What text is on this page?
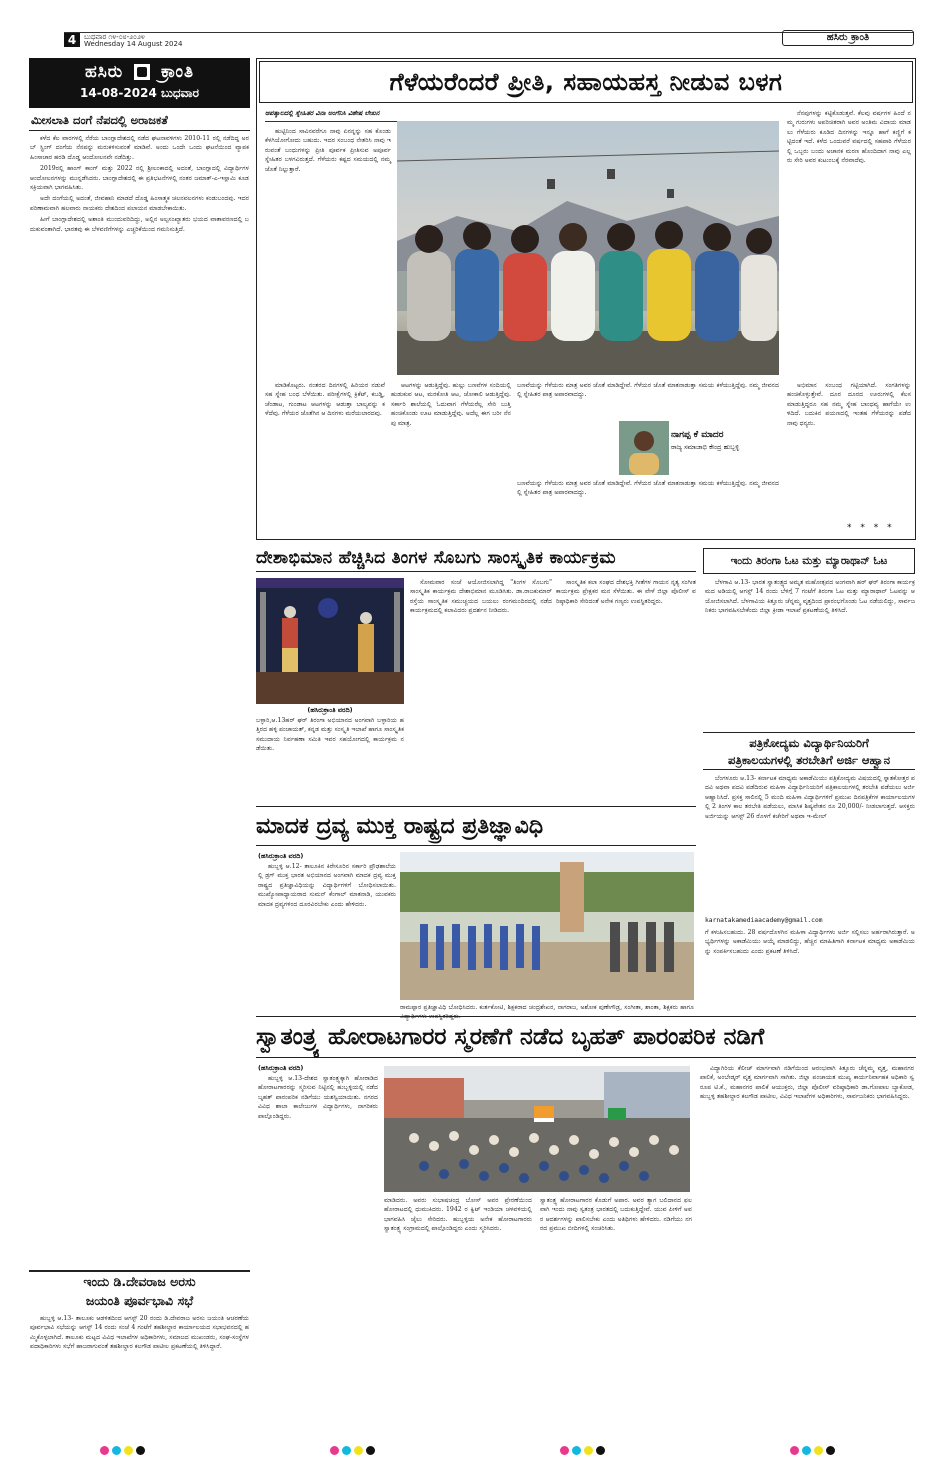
4	ಬುಧವಾರ ೧೪-೦೮-೨೦೨೪
Wednesday 14 August 2024
ಹಸಿರು ಕ್ರಾಂತಿ
ಹಸಿರು ಕ್ರಾಂತಿ
14-08-2024 ಬುಧವಾರ
ಮೀಸಲಾತಿ ದಂಗೆ ನೆಪದಲ್ಲಿ ಅರಾಜಕತೆ

ಕಳೆದ ಕೆಲ ವಾರಗಳಲ್ಲಿ ನೆರೆಯ ಬಾಂಗ್ಲಾದೇಶದಲ್ಲಿ ನಡೆದ ಘಟನಾವಳಿಗಳು 2010-11 ರಲ್ಲಿ ನಡೆದಿದ್ದ ಅರಬ್ ಸ್ಪ್ರಿಂಗ್ ದಂಗೆಯ ನೆನಪನ್ನು ಮರುಕಳಿಸುವಂತೆ ಮಾಡಿವೆ. ಅಂದು ಒಂದೇ ಒಂದು ಘಟನೆಯಿಂದ ವ್ಯಾಪಕ ಹಿಂಸಾಚಾರ ಹರಡಿ ದೊಡ್ಡ ಆಂದೋಲನವೇ ನಡೆದಿತ್ತು.

2019ರಲ್ಲಿ ಹಾಂಗ್ ಕಾಂಗ್ ಮತ್ತು 2022 ರಲ್ಲಿ ಶ್ರೀಲಂಕಾದಲ್ಲಿ ಅದಂತೆ, ಬಾಂಗ್ಲಾದಲ್ಲಿ ವಿದ್ಯಾರ್ಥಿಗಳ ಆಂದೋಲನಗಳನ್ನು ಮುನ್ನಡೆಸಿದರು. ಬಾಂಗ್ಲಾದೇಶದಲ್ಲಿ ಈ ಪ್ರತಿಭಟನೆಗಳಲ್ಲಿ ನಂತರ ಜಮಾತ್-ಎ-ಇಸ್ಲಾಮಿ ಕೂಡ ಸಕ್ರಿಯವಾಗಿ ಭಾಗವಹಿಸಿತು.

ಅದೇ ದಂಗೆಯಲ್ಲಿ ಅದಂತೆ, ಜೀವಹಾನಿ ಮಾಡದೆ ದೊಡ್ಡ ಹಿಂಸಾತ್ಮಕ ಚಲನವಲನಗಳು ಕಂಡುಬಂದವು. ಇದರ ಪರಿಣಾಮವಾಗಿ ಹಲವಾರು ನಾಯಕರು ದೇಶದಿಂದ ಪಲಾಯನ ಮಾಡಬೇಕಾಯಿತು.

ಹೀಗೆ ಬಾಂಗ್ಲಾದೇಶದಲ್ಲಿ ಅಶಾಂತಿ ಮುಂದುವರಿದಿದ್ದು, ಅಲ್ಲಿನ ಅಲ್ಪಸಂಖ್ಯಾತರು ಭಯದ ವಾತಾವರಣದಲ್ಲಿ ಬದುಕುವಂತಾಗಿದೆ. ಭಾರತವು ಈ ಬೆಳವಣಿಗೆಗಳನ್ನು ಎಚ್ಚರಿಕೆಯಿಂದ ಗಮನಿಸುತ್ತಿದೆ.

ಇಂದು ಡಿ.ದೇವರಾಜ ಅರಸು
ಜಯಂತಿ ಪೂರ್ವಭಾವಿ ಸಭೆ
ಹುಬ್ಬಳ್ಳಿ ಆ.13- ತಾಲೂಕು ಆಡಳಿತದಿಂದ ಆಗಸ್ಟ್ 20 ರಂದು ಡಿ.ದೇವರಾಜ ಅರಸು ಜಯಂತಿ ಆಚರಣೆಯ ಪೂರ್ವಭಾವಿ ಸಭೆಯನ್ನು ಆಗಸ್ಟ್ 14 ರಂದು ಸಂಜೆ 4 ಗಂಟೆಗೆ ತಹಶೀಲ್ದಾರ ಕಾರ್ಯಾಲಯದ ಸಭಾಭವನದಲ್ಲಿ ಹಮ್ಮಿಕೊಳ್ಳಲಾಗಿದೆ. ತಾಲೂಕು ಮಟ್ಟದ ವಿವಿಧ ಇಲಾಖೆಗಳ ಅಧಿಕಾರಿಗಳು, ಸಮಾಜದ ಮುಖಂಡರು, ಸಂಘ-ಸಂಸ್ಥೆಗಳ ಪದಾಧಿಕಾರಿಗಳು ಸಭೆಗೆ ಹಾಜರಾಗುವಂತೆ ತಹಶೀಲ್ದಾರ ಕಲಗೌಡ ಪಾಟೀಲ ಪ್ರಕಟಣೆಯಲ್ಲಿ ತಿಳಿಸಿದ್ದಾರೆ.
ಗೆಳೆಯರೆಂದರೆ ಪ್ರೀತಿ, ಸಹಾಯಹಸ್ತ ನೀಡುವ ಬಳಗ
ಆಪತ್ಕಾಲದಲ್ಲಿ ಸ್ನೇಹಿತರ ವಿನಾ ಅಂಗೆನಿಸಿ ವಿಶೇಷ ಲೇಖನ
ಹುಟ್ಟಿನಿಂದ ಸಾವಿನವರೆಗೂ ನಾವು ಏನನ್ನನ್ನು ಸಹ ಕೊಂಡು ಕೆಳಗಿಯೋಗೋದು ಬಹುದು. ಇದರ ಸಂಬಂಧ ನೇತರಿಸಿ ನಾವು ಇರುವಂತೆ ಬಂಧುಗಳನ್ನು ಪ್ರೀತಿ ಪೂರ್ವಕ ಪ್ರೀತಿಸುವ ಅಪೂರ್ವ ಸ್ನೇಹಿತರ ಬಳಗವಿರುತ್ತದೆ. ಗೆಳೆಯರು ಕಷ್ಟದ ಸಮಯದಲ್ಲಿ ನಮ್ಮ ಜೊತೆ ನಿಲ್ಲುತ್ತಾರೆ.
ನೆನಪುಗಳನ್ನು ಕಟ್ಟಿಕೊಡುತ್ತವೆ. ಕೆಲವು ವರ್ಷಗಳ ಹಿಂದೆ ನಮ್ಮ ಗುರುಗಳು ಅಪರಿಚಿತರಾಗಿ ಅವರ ಅಂತಿಮ ವಿದಾಯ ಮಾಡಲು ಗೆಳೆಯರು ಕೂಡಿದ ದಿನಗಳನ್ನು ಇನ್ನೂ ಹಾಗೆ ಕಣ್ಣಿಗೆ ಕಟ್ಟಿದಂತೆ ಇದೆ. ಕಳೆದ ಒಂದುವರೆ ವರ್ಷದಲ್ಲಿ ಸಹಪಾಠಿ ಗೆಳೆಯರಲ್ಲಿ ಒಬ್ಬರು ಬಂದು ಅಚಾನಕ ಮರಣ ಹೊಂದಿದಾಗ ನಾವು ಎಲ್ಲರು ಸೇರಿ ಅವರ ಕುಟುಂಬಕ್ಕೆ ನೆರವಾದೆವು.
ಮಾಡಿಕೊಟ್ಟರು. ನಂತರದ ದಿನಗಳಲ್ಲಿ ಹಿರಿಯರ ನಡುವೆ ಸಹ ಸ್ನೇಹ ಬಂಧ ಬೆಳೆಯಿತು. ಪರೀಕ್ಷೆಗಳಲ್ಲಿ ಕ್ರಿಕೆಟ್, ಕಬಡ್ಡಿ, ಚೆಂಡಾಟ, ಗುಂಡಾಟ ಆಟಗಳನ್ನು ಆಡುತ್ತಾ ಬಾಲ್ಯವನ್ನು ಕಳೆದೆವು. ಗೆಳೆಯರ ಜೊತೆಗಿನ ಆ ದಿನಗಳು ಮರೆಯಲಾರದವು.
ಆಟಗಳನ್ನು ಆಡುತ್ತಿದ್ದೆವು. ಹುಲ್ಲು ಬಣವೆಗಳ ಸಂದಿಯಲ್ಲಿ ಹುಡುಕುವ ಆಟ, ಮರಕೋತಿ ಆಟ, ಜೋಕಾಲಿ ಆಡುತ್ತಿದ್ದೆವು. ಸರ್ಕಾರಿ ಶಾಲೆಯಲ್ಲಿ ಓದುವಾಗ ಗೆಳೆಯರೆಲ್ಲ ಸೇರಿ ಬುತ್ತಿ ಹಂಚಿಕೊಂಡು ಊಟ ಮಾಡುತ್ತಿದ್ದೆವು. ಅದೆಲ್ಲ ಈಗ ಬರೀ ನೆನಪು ಮಾತ್ರ.
ಬಣವೆಯನ್ನು ಗೆಳೆಯರು ಮಾತ್ರ ಅವರ ಜೊತೆ ಮಾಡಿದ್ದೇವೆ. ಗೆಳೆಯರ ಜೊತೆ ಮಾತನಾಡುತ್ತಾ ಸಮಯ ಕಳೆಯುತ್ತಿದ್ದೆವು. ನಮ್ಮ ಜೀವನದಲ್ಲಿ ಸ್ನೇಹಿತರ ಪಾತ್ರ ಅಪಾರವಾದದ್ದು.
ನಾಗಪ್ಪ ಕೆ ಮಾದರ
ರಾಜ್ಯ ಸಮಾಜಾಭಿ ಕೇಂದ್ರ ಹುಬ್ಬಳ್ಳಿ
ಬಣವೆಯನ್ನು ಗೆಳೆಯರು ಮಾತ್ರ ಅವರ ಜೊತೆ ಮಾಡಿದ್ದೇವೆ. ಗೆಳೆಯರ ಜೊತೆ ಮಾತನಾಡುತ್ತಾ ಸಮಯ ಕಳೆಯುತ್ತಿದ್ದೆವು. ನಮ್ಮ ಜೀವನದಲ್ಲಿ ಸ್ನೇಹಿತರ ಪಾತ್ರ ಅಪಾರವಾದದ್ದು.
ಅಭಿಮಾನ ಸಂಬಂಧ ಗಟ್ಟಿಯಾಗಿದೆ. ಸಂಗತಿಗಳನ್ನು ಹಂಚಿಕೊಳ್ಳುತ್ತೇವೆ. ದೂರ ದೂರದ ಊರುಗಳಲ್ಲಿ ಕೆಲಸ ಮಾಡುತ್ತಿದ್ದರೂ ಸಹ ನಮ್ಮ ಸ್ನೇಹ ಬಾಂಧವ್ಯ ಹಾಗೆಯೇ ಉಳಿದಿದೆ. ಬದುಕಿನ ಪಯಣದಲ್ಲಿ ಇಂತಹ ಗೆಳೆಯರನ್ನು ಪಡೆದ ನಾವು ಧನ್ಯರು.
* * * *
ದೇಶಾಭಿಮಾನ ಹೆಚ್ಚಿಸಿದ ತಿಂಗಳ ಸೊಬಗು ಸಾಂಸ್ಕೃತಿಕ ಕಾರ್ಯಕ್ರಮ
(ಹಸಿರುಕ್ರಾಂತಿ ವರದಿ)
ಬಳ್ಳಾರಿ,ಆ.13ಹರ್ ಘರ್ ತಿರಂಗಾ ಅಭಿಯಾನದ ಅಂಗವಾಗಿ ಬಳ್ಳಾರಿಯ ಹತ್ತಿರದ ಹಳ್ಳಿ ಪಂಚಾಯತ್, ಕನ್ನಡ ಮತ್ತು ಸಂಸ್ಕೃತಿ ಇಲಾಖೆ ಹಾಗೂ ಸಾಂಸ್ಕೃತಿಕ ಸಮುದಾಯ ನಿರ್ವಹಣಾ ಸಮಿತಿ ಇವರ ಸಹಯೋಗದಲ್ಲಿ ಕಾರ್ಯಕ್ರಮ ನಡೆಯಿತು.
ಸೋಮವಾರ ಸಂಜೆ ಆಯೋಜಿಸಲಾಗಿದ್ದ "ತಿಂಗಳ ಸೊಬಗು" ಸಾಂಸ್ಕೃತಿಕ ಕಾರ್ಯಕ್ರಮ ದೇಶಾಭಿಮಾನ ಮೂಡಿಸಿತು. ಡಾ.ರಾಜಕುಮಾರ್ ರಸ್ತೆಯ ಸಾಂಸ್ಕೃತಿಕ ಸಮುಚ್ಚಯದ ಬಯಲು ರಂಗಮಂದಿರದಲ್ಲಿ ನಡೆದ ಕಾರ್ಯಕ್ರಮದಲ್ಲಿ ಕಲಾವಿದರು ಪ್ರದರ್ಶನ ನೀಡಿದರು.
ಸಾಂಸ್ಕೃತಿಕ ಕಲಾ ಸಂಘದ ದೇಶಭಕ್ತಿ ಗೀತೆಗಳ ಗಾಯನ ನೃತ್ಯ ಸಂಗೀತ ಕಾರ್ಯಕ್ರಮ ಪ್ರೇಕ್ಷಕರ ಮನ ಸೆಳೆಯಿತು. ಈ ವೇಳೆ ಜಿಲ್ಲಾ ಪೊಲೀಸ್ ವರಿಷ್ಠಾಧಿಕಾರಿ ಸೇರಿದಂತೆ ಅನೇಕ ಗಣ್ಯರು ಉಪಸ್ಥಿತರಿದ್ದರು.
ಇಂದು ತಿರಂಗಾ ಓಟ ಮತ್ತು ಮ್ಯಾರಾಥಾನ್ ಓಟ
ಬೆಳಗಾವಿ ಆ.13- ಭಾರತ ಸ್ವಾತಂತ್ರ್ಯದ ಅಮೃತ ಮಹೋತ್ಸವದ ಅಂಗವಾಗಿ ಹರ್ ಘರ್ ತಿರಂಗಾ ಕಾರ್ಯಕ್ರಮದ ಅಡಿಯಲ್ಲಿ ಆಗಸ್ಟ್ 14 ರಂದು ಬೆಳಿಗ್ಗೆ 7 ಗಂಟೆಗೆ ತಿರಂಗಾ ಓಟ ಮತ್ತು ಮ್ಯಾರಾಥಾನ್ ಓಟವನ್ನು ಆಯೋಜಿಸಲಾಗಿದೆ. ಬೆಳಗಾವಿಯ ಕಿತ್ತೂರು ಚೆನ್ನಮ್ಮ ವೃತ್ತದಿಂದ ಪ್ರಾರಂಭಗೊಂಡು ಓಟ ನಡೆಯಲಿದ್ದು, ಸಾರ್ವಜನಿಕರು ಭಾಗವಹಿಸಬೇಕೆಂದು ಜಿಲ್ಲಾ ಕ್ರೀಡಾ ಇಲಾಖೆ ಪ್ರಕಟಣೆಯಲ್ಲಿ ತಿಳಿಸಿದೆ.
ಪತ್ರಿಕೋದ್ಯಮ ವಿದ್ಯಾರ್ಥಿನಿಯರಿಗೆ
ಪತ್ರಿಕಾಲಯಗಳಲ್ಲಿ ತರಬೇತಿಗೆ ಅರ್ಜಿ ಆಹ್ವಾನ
ಬೆಂಗಳೂರು ಆ.13- ಕರ್ನಾಟಕ ಮಾಧ್ಯಮ ಅಕಾಡೆಮಿಯು ಪತ್ರಿಕೋದ್ಯಮ ವಿಷಯದಲ್ಲಿ ಸ್ನಾತಕೋತ್ತರ ಪದವಿ ಅಥವಾ ಪದವಿ ಪಡೆದಿರುವ ಮಹಿಳಾ ವಿದ್ಯಾರ್ಥಿನಿಯರಿಗೆ ಪತ್ರಿಕಾಲಯಗಳಲ್ಲಿ ತರಬೇತಿ ಪಡೆಯಲು ಅರ್ಜಿ ಆಹ್ವಾನಿಸಿದೆ. ಪ್ರಸಕ್ತ ಸಾಲಿನಲ್ಲಿ 5 ಮಂದಿ ಮಹಿಳಾ ವಿದ್ಯಾರ್ಥಿಗಳಿಗೆ ಪ್ರಮುಖ ದಿನಪತ್ರಿಕೆಗಳ ಕಾರ್ಯಾಲಯಗಳಲ್ಲಿ 2 ತಿಂಗಳ ಕಾಲ ತರಬೇತಿ ಪಡೆಯಲು, ಮಾಸಿಕ ಶಿಷ್ಯವೇತನ ರೂ 20,000/- ನೀಡಲಾಗುತ್ತದೆ. ಆಸಕ್ತರು ಅರ್ಜಿಯನ್ನು ಆಗಸ್ಟ್ 26 ರೊಳಗೆ ಕಚೇರಿಗೆ ಅಥವಾ ಇ-ಮೇಲ್
karnatakamediaacademy@gmail.com
ಗೆ ಕಳುಹಿಸಬಹುದು. 28 ವರ್ಷದೊಳಗಿನ ಮಹಿಳಾ ವಿದ್ಯಾರ್ಥಿಗಳು ಅರ್ಜಿ ಸಲ್ಲಿಸಲು ಅರ್ಹರಾಗಿರುತ್ತಾರೆ. ಅಭ್ಯರ್ಥಿಗಳನ್ನು ಅಕಾಡೆಮಿಯು ಆಯ್ಕೆ ಮಾಡಲಿದ್ದು, ಹೆಚ್ಚಿನ ಮಾಹಿತಿಗಾಗಿ ಕರ್ನಾಟಕ ಮಾಧ್ಯಮ ಅಕಾಡೆಮಿಯನ್ನು ಸಂಪರ್ಕಿಸಬಹುದು ಎಂದು ಪ್ರಕಟಣೆ ತಿಳಿಸಿದೆ.
ಮಾದಕ ದ್ರವ್ಯ ಮುಕ್ತ ರಾಷ್ಟ್ರದ ಪ್ರತಿಜ್ಞಾವಿಧಿ
(ಹಸಿರುಕ್ರಾಂತಿ ವರದಿ)
ಹುಬ್ಬಳ್ಳಿ ಆ.12- ತಾಲೂಕಿನ ಕಿರೇಸೂರಿನ ಸರ್ಕಾರಿ ಪ್ರೌಢಶಾಲೆಯಲ್ಲಿ ಡ್ರಗ್ ಮುಕ್ತ ಭಾರತ ಅಭಿಯಾನದ ಅಂಗವಾಗಿ ಮಾದಕ ದ್ರವ್ಯ ಮುಕ್ತ ರಾಷ್ಟ್ರದ ಪ್ರತಿಜ್ಞಾವಿಧಿಯನ್ನು ವಿದ್ಯಾರ್ಥಿಗಳಿಗೆ ಬೋಧಿಸಲಾಯಿತು. ಮುಖ್ಯೋಪಾಧ್ಯಾಯರಾದ ಸುಮನ್ ಕೆಂಗಾಲ್ ಮಾತನಾಡಿ, ಯುವಕರು ಮಾದಕ ದ್ರವ್ಯಗಳಿಂದ ದೂರವಿರಬೇಕು ಎಂದು ಹೇಳಿದರು.
ರಾಮಪ್ಪಾರ ಪ್ರತಿಜ್ಞಾವಿಧಿ ಬೋಧಿಸಿದರು. ಕುರ್ತಕೋಟಿ, ಶಿಕ್ಷಕರಾದ ಚಂದ್ರಶೇಖರ, ನಾಗರಾಜ, ಅಶೋಕ ಪುಣೇಗೌಡ್ರ, ಸಂಗೀತಾ, ಶಾಂತಾ, ಶಿಕ್ಷಕರು ಹಾಗೂ ವಿದ್ಯಾರ್ಥಿಗಳು ಉಪಸ್ಥಿತರಿದ್ದರು.
ಸ್ವಾತಂತ್ರ್ಯ ಹೋರಾಟಗಾರರ ಸ್ಮರಣೆಗೆ ನಡೆದ ಬೃಹತ್ ಪಾರಂಪರಿಕ ನಡಿಗೆ
(ಹಸಿರುಕ್ರಾಂತಿ ವರದಿ)
ಹುಬ್ಬಳ್ಳಿ ಆ.13-ದೇಶದ ಸ್ವಾತಂತ್ರ್ಯಕ್ಕಾಗಿ ಹೋರಾಡಿದ ಹೋರಾಟಗಾರರನ್ನು ಸ್ಮರಿಸುವ ನಿಟ್ಟಿನಲ್ಲಿ ಹುಬ್ಬಳ್ಳಿಯಲ್ಲಿ ನಡೆದ ಬೃಹತ್ ಪಾರಂಪರಿಕ ನಡಿಗೆಯು ಯಶಸ್ವಿಯಾಯಿತು. ನಗರದ ವಿವಿಧ ಶಾಲಾ ಕಾಲೇಜುಗಳ ವಿದ್ಯಾರ್ಥಿಗಳು, ನಾಗರಿಕರು ಪಾಲ್ಗೊಂಡಿದ್ದರು.
ಮಾಡಿದರು. ಅವರು ಸುಭಾಷಚಂದ್ರ ಬೋಸ್ ಅವರ ಪ್ರೇರಣೆಯಿಂದ ಹೋರಾಟದಲ್ಲಿ ಧುಮುಕಿದರು. 1942 ರ ಕ್ವಿಟ್ ಇಂಡಿಯಾ ಚಳವಳಿಯಲ್ಲಿ ಭಾಗವಹಿಸಿ ಜೈಲು ಸೇರಿದರು. ಹುಬ್ಬಳ್ಳಿಯ ಅನೇಕ ಹೋರಾಟಗಾರರು ಸ್ವಾತಂತ್ರ್ಯ ಸಂಗ್ರಾಮದಲ್ಲಿ ಪಾಲ್ಗೊಂಡಿದ್ದರು ಎಂದು ಸ್ಮರಿಸಿದರು.
ಸ್ವಾತಂತ್ರ್ಯ ಹೋರಾಟಗಾರರ ಕೊಡುಗೆ ಅಪಾರ. ಅವರ ತ್ಯಾಗ ಬಲಿದಾನದ ಫಲವಾಗಿ ಇಂದು ನಾವು ಸ್ವತಂತ್ರ ಭಾರತದಲ್ಲಿ ಬದುಕುತ್ತಿದ್ದೇವೆ. ಯುವ ಪೀಳಿಗೆ ಅವರ ಆದರ್ಶಗಳನ್ನು ಪಾಲಿಸಬೇಕು ಎಂದು ಅತಿಥಿಗಳು ಹೇಳಿದರು. ನಡಿಗೆಯು ನಗರದ ಪ್ರಮುಖ ಬೀದಿಗಳಲ್ಲಿ ಸಂಚರಿಸಿತು.
ವಿದ್ಯಾಗಿರಿಯ ಕೆಲೀಜ್ ಮಾರ್ಗವಾಗಿ ನಡಿಗೆಯಿಂದ ಆರಂಭವಾಗಿ ಕಿತ್ತೂರು ಚೆನ್ನಮ್ಮ ವೃತ್ತ, ಮಹಾನಗರ ಪಾಲಿಕೆ, ಅಂಬೇಡ್ಕರ್ ವೃತ್ತ ಮಾರ್ಗವಾಗಿ ಸಾಗಿತು. ಜಿಲ್ಲಾ ಪಂಚಾಯತ ಮುಖ್ಯ ಕಾರ್ಯನಿರ್ವಾಹಕ ಅಧಿಕಾರಿ ಸ್ವರೂಪ ಟಿ.ಕೆ., ಮಹಾನಗರ ಪಾಲಿಕೆ ಆಯುಕ್ತರು, ಜಿಲ್ಲಾ ಪೊಲೀಸ್ ವರಿಷ್ಠಾಧಿಕಾರಿ ಡಾ.ಗೋಪಾಲ ಬ್ಯಾಕೋಡ, ಹುಬ್ಬಳ್ಳಿ ತಹಶೀಲ್ದಾರ ಕಲಗೌಡ ಪಾಟೀಲ, ವಿವಿಧ ಇಲಾಖೆಗಳ ಅಧಿಕಾರಿಗಳು, ಸಾರ್ವಜನಿಕರು ಭಾಗವಹಿಸಿದ್ದರು.
